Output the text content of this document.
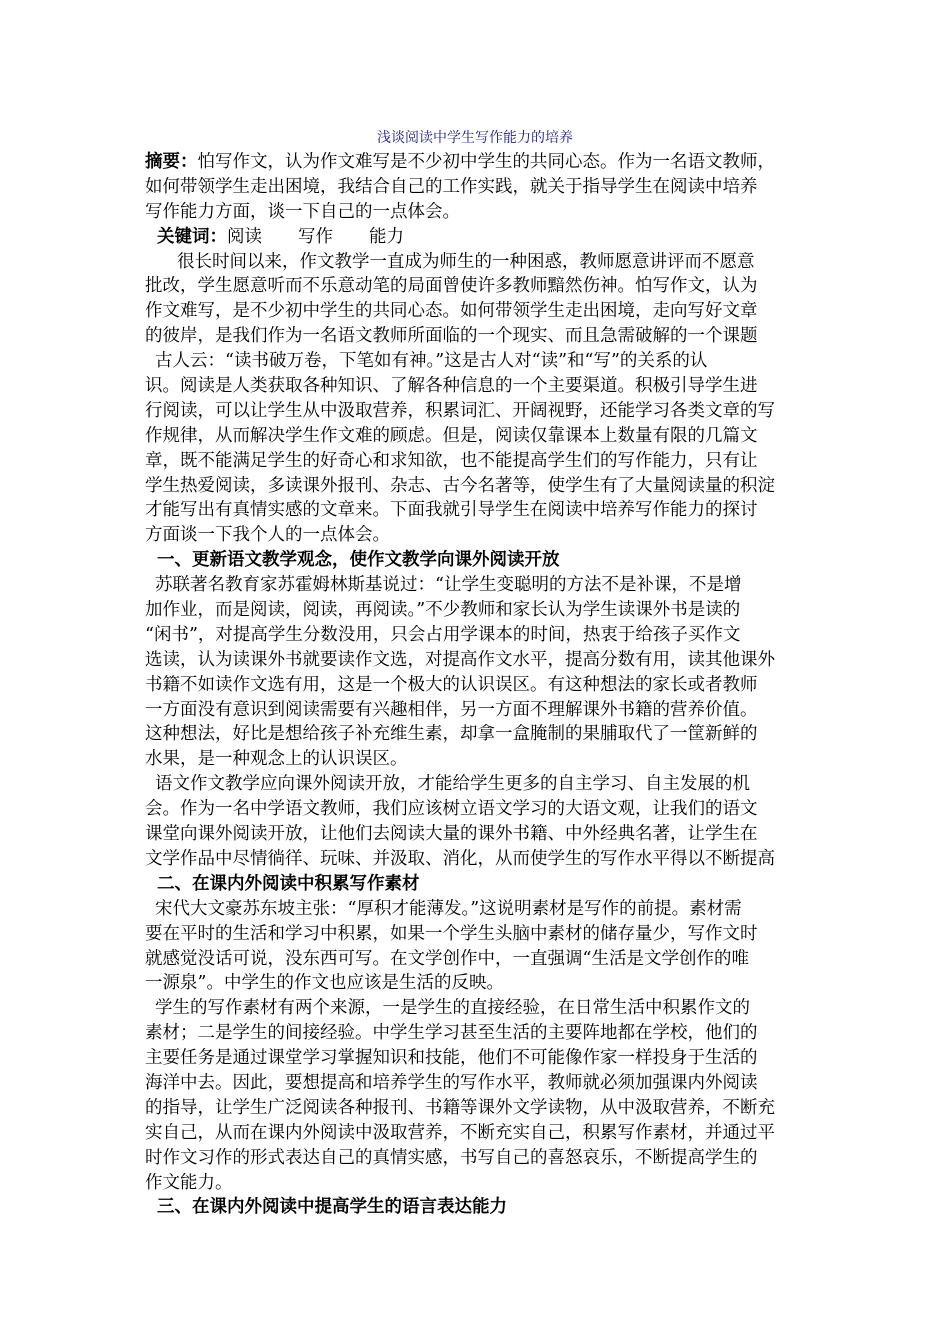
浅谈阅读中学生写作能力的培养
摘要：怕写作文，认为作文难写是不少初中学生的共同心态。作为一名语文教师，
如何带领学生走出困境，我结合自己的工作实践，就关于指导学生在阅读中培养
写作能力方面，谈一下自己的一点体会。
关键词：阅读 写作 能力
很长时间以来，作文教学一直成为师生的一种困惑，教师愿意讲评而不愿意
批改，学生愿意听而不乐意动笔的局面曾使许多教师黯然伤神。怕写作文，认为
作文难写，是不少初中学生的共同心态。如何带领学生走出困境，走向写好文章
的彼岸，是我们作为一名语文教师所面临的一个现实、而且急需破解的一个课题
古人云：“读书破万卷，下笔如有神。”这是古人对“读”和“写”的关系的认
识。阅读是人类获取各种知识、了解各种信息的一个主要渠道。积极引导学生进
行阅读，可以让学生从中汲取营养，积累词汇、开阔视野，还能学习各类文章的写
作规律，从而解决学生作文难的顾虑。但是，阅读仅靠课本上数量有限的几篇文
章，既不能满足学生的好奇心和求知欲，也不能提高学生们的写作能力，只有让
学生热爱阅读，多读课外报刊、杂志、古今名著等，使学生有了大量阅读量的积淀
才能写出有真情实感的文章来。下面我就引导学生在阅读中培养写作能力的探讨
方面谈一下我个人的一点体会。
一、更新语文教学观念，使作文教学向课外阅读开放
苏联著名教育家苏霍姆林斯基说过：“让学生变聪明的方法不是补课，不是增
加作业，而是阅读，阅读，再阅读。”不少教师和家长认为学生读课外书是读的
“闲书”，对提高学生分数没用，只会占用学课本的时间，热衷于给孩子买作文
选读，认为读课外书就要读作文选，对提高作文水平，提高分数有用，读其他课外
书籍不如读作文选有用，这是一个极大的认识误区。有这种想法的家长或者教师
一方面没有意识到阅读需要有兴趣相伴，另一方面不理解课外书籍的营养价值。
这种想法，好比是想给孩子补充维生素，却拿一盒腌制的果脯取代了一筐新鲜的
水果，是一种观念上的认识误区。
语文作文教学应向课外阅读开放，才能给学生更多的自主学习、自主发展的机
会。作为一名中学语文教师，我们应该树立语文学习的大语文观，让我们的语文
课堂向课外阅读开放，让他们去阅读大量的课外书籍、中外经典名著，让学生在
文学作品中尽情徜徉、玩味、并汲取、消化，从而使学生的写作水平得以不断提高
二、在课内外阅读中积累写作素材
宋代大文豪苏东坡主张：“厚积才能薄发。”这说明素材是写作的前提。素材需
要在平时的生活和学习中积累，如果一个学生头脑中素材的储存量少，写作文时
就感觉没话可说，没东西可写。在文学创作中，一直强调“生活是文学创作的唯
一源泉”。中学生的作文也应该是生活的反映。
学生的写作素材有两个来源，一是学生的直接经验，在日常生活中积累作文的
素材；二是学生的间接经验。中学生学习甚至生活的主要阵地都在学校，他们的
主要任务是通过课堂学习掌握知识和技能，他们不可能像作家一样投身于生活的
海洋中去。因此，要想提高和培养学生的写作水平，教师就必须加强课内外阅读
的指导，让学生广泛阅读各种报刊、书籍等课外文学读物，从中汲取营养，不断充
实自己，从而在课内外阅读中汲取营养，不断充实自己，积累写作素材，并通过平
时作文习作的形式表达自己的真情实感，书写自己的喜怒哀乐，不断提高学生的
作文能力。
三、在课内外阅读中提高学生的语言表达能力
